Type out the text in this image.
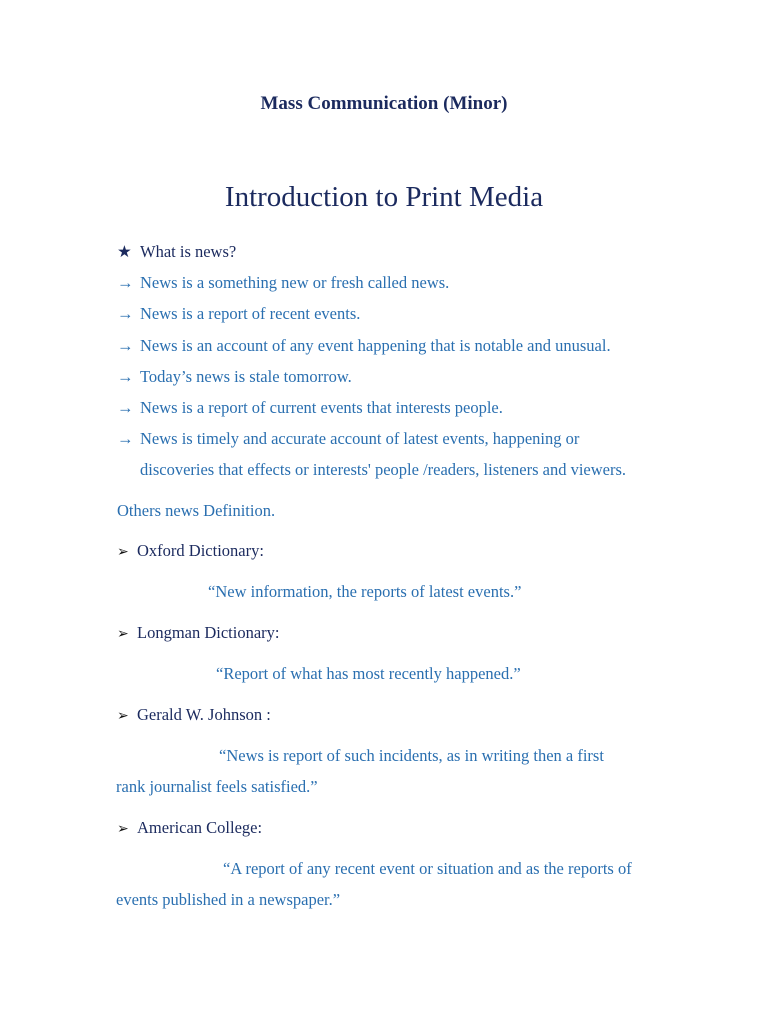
Mass Communication (Minor)
Introduction to Print Media
★ What is news?
→ News is a something new or fresh called news.
→ News is a report of recent events.
→ News is an account of any event happening that is notable and unusual.
→ Today’s news is stale tomorrow.
→ News is a report of current events that interests people.
→ News is timely and accurate account of latest events, happening or
discoveries that effects or interests' people /readers, listeners and viewers.
Others news Definition.
➢ Oxford Dictionary:
“New information, the reports of latest events.”
➢ Longman Dictionary:
“Report of what has most recently happened.”
➢ Gerald W. Johnson :
“News is report of such incidents, as in writing then a first
rank journalist feels satisfied.”
➢ American College:
“A report of any recent event or situation and as the reports of
events published in a newspaper.”
